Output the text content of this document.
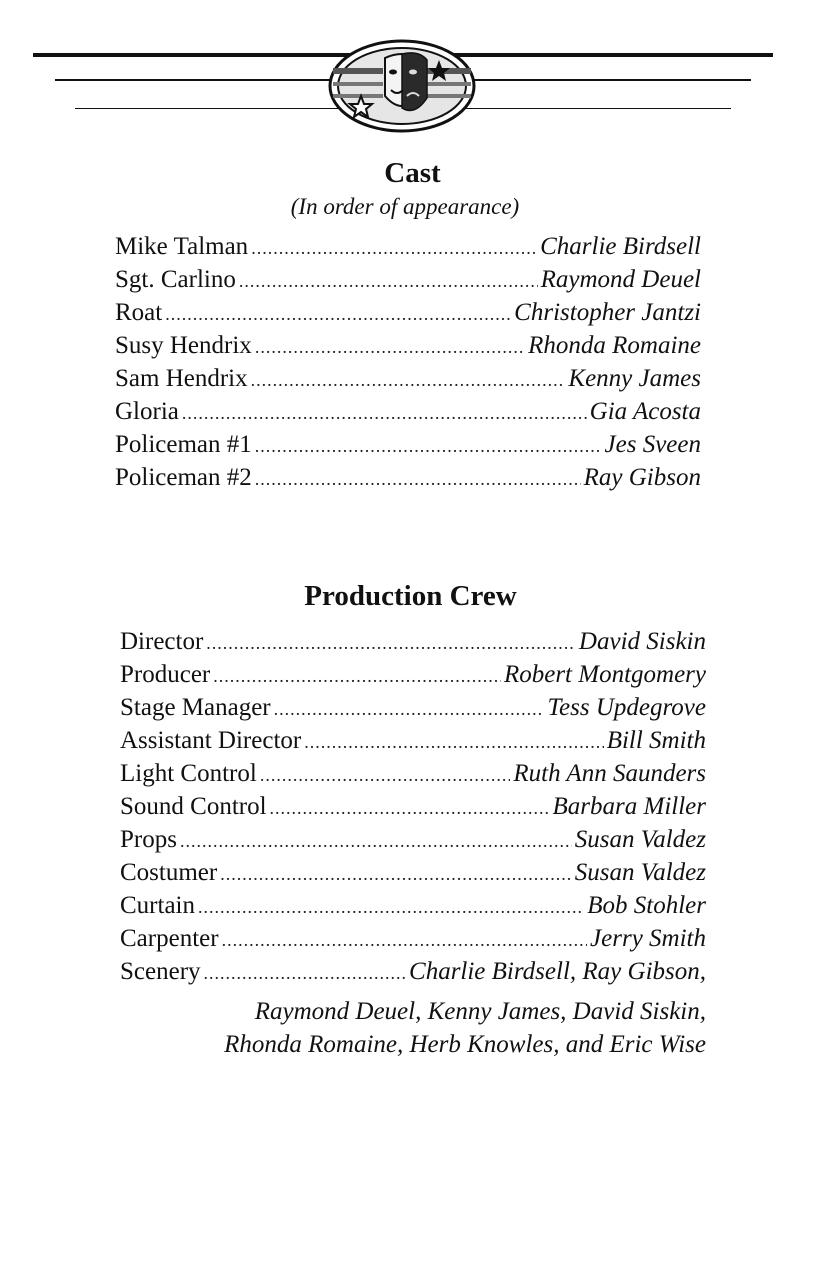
Cast

(In order of appearance)

Mike Talman .....	Charlie Birdsell
Sgt. Carlino .....	Raymond Deuel
Roat .....	Christopher Jantzi
Susy Hendrix .....	Rhonda Romaine
Sam Hendrix .....	Kenny James
Gloria .....	Gia Acosta
Policeman #1 .....	Jes Sveen
Policeman #2 .....	Ray Gibson
Production Crew
Director .....	David Siskin
Producer .....	Robert Montgomery
Stage Manager .....	Tess Updegrove
Assistant Director .....	Bill Smith
Light Control .....	Ruth Ann Saunders
Sound Control .....	Barbara Miller
Props .....	Susan Valdez
Costumer .....	Susan Valdez
Curtain .....	Bob Stohler
Carpenter .....	Jerry Smith
Scenery .....	Charlie Birdsell, Ray Gibson,
Raymond Deuel, Kenny James, David Siskin,
Rhonda Romaine, Herb Knowles, and Eric Wise
